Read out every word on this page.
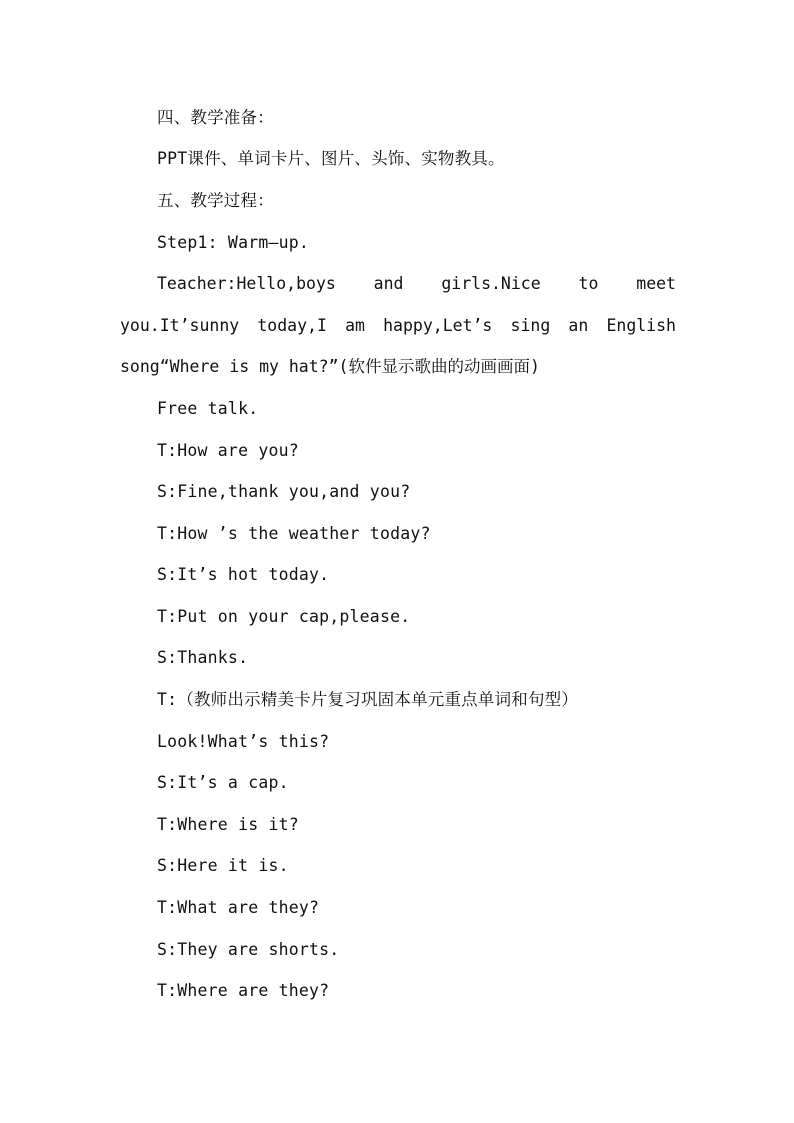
四、教学准备：
PPT课件、单词卡片、图片、头饰、实物教具。
五、教学过程：
Step1: Warm—up.
Teacher:Hello,boys and girls.Nice to meet you.It’sunny today,I am happy,Let’s sing an English song“Where is my hat?”(软件显示歌曲的动画画面)
Free talk.
T:How are you?
S:Fine,thank you,and you?
T:How ’s the weather today?
S:It’s hot today.
T:Put on your cap,please.
S:Thanks.
T:（教师出示精美卡片复习巩固本单元重点单词和句型）
Look!What’s this?
S:It’s a cap.
T:Where is it?
S:Here it is.
T:What are they?
S:They are shorts.
T:Where are they?
